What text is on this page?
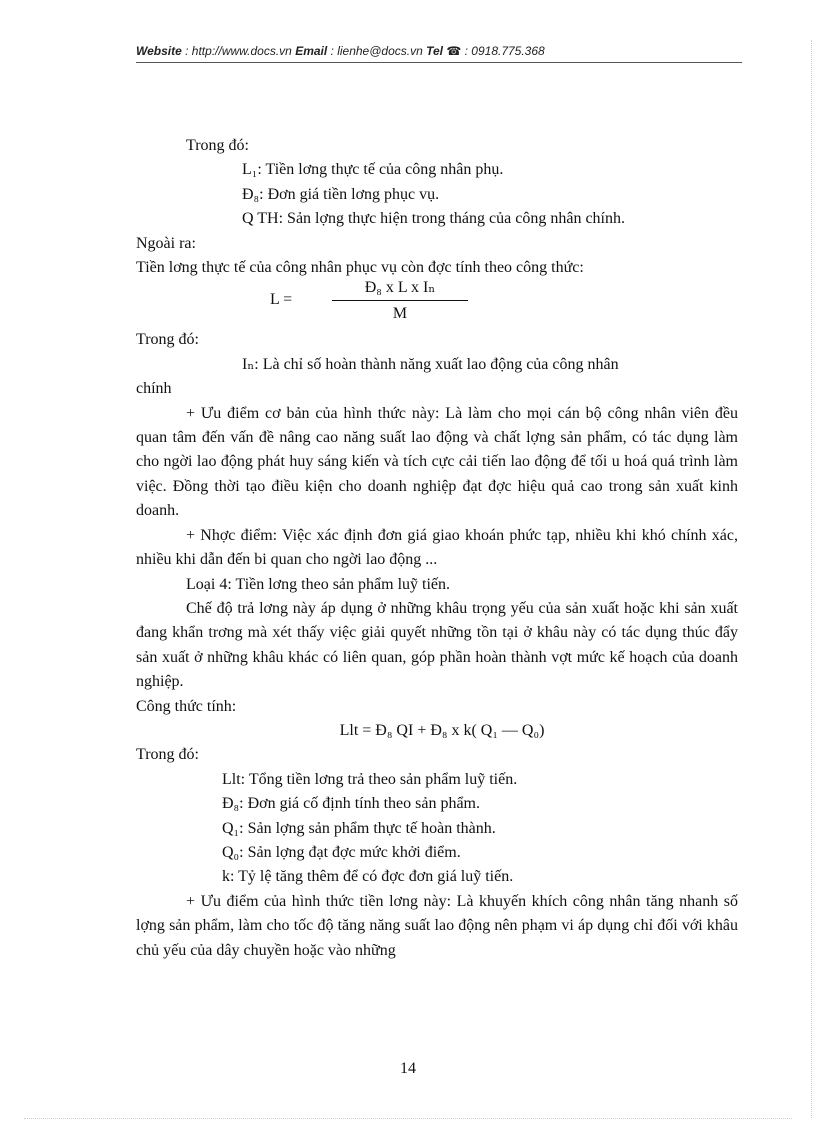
Website : http://www.docs.vn Email : lienhe@docs.vn Tel ☎ : 0918.775.368

Trong đó:

L₁: Tiền lơng thực tế của công nhân phụ.

Đ₈: Đơn giá tiền lơng phục vụ.

Q TH: Sản lợng thực hiện trong tháng của công nhân chính.

Ngoài ra:

Tiền lơng thực tế của công nhân phục vụ còn đợc tính theo công thức:

L =
Đ₈ x L x Iₙ
M

Trong đó:

Iₙ: Là chỉ số hoàn thành năng xuất lao động của công nhân

chính

+ Ưu điểm cơ bản của hình thức này: Là làm cho mọi cán bộ công nhân viên đều quan tâm đến vấn đề nâng cao năng suất lao động và chất lợng sản phẩm, có tác dụng làm cho ngời lao động phát huy sáng kiến và tích cực cải tiến lao động để tối u hoá quá trình làm việc. Đồng thời tạo điều kiện cho doanh nghiệp đạt đợc hiệu quả cao trong sản xuất kinh doanh.

+ Nhợc điểm: Việc xác định đơn giá giao khoán phức tạp, nhiều khi khó chính xác, nhiều khi dẫn đến bi quan cho ngời lao động ...

Loại 4: Tiền lơng theo sản phẩm luỹ tiến.

Chế độ trả lơng này áp dụng ở những khâu trọng yếu của sản xuất hoặc khi sản xuất đang khẩn trơng mà xét thấy việc giải quyết những tồn tại ở khâu này có tác dụng thúc đẩy sản xuất ở những khâu khác có liên quan, góp phần hoàn thành vợt mức kế hoạch của doanh nghiệp.

Công thức tính:

Llt = Đ₈ QI + Đ₈ x k( Q₁ — Q₀)

Trong đó:

Llt: Tổng tiền lơng trả theo sản phẩm luỹ tiến.

Đ₈: Đơn giá cố định tính theo sản phẩm.

Q₁: Sản lợng sản phẩm thực tế hoàn thành.

Q₀: Sản lợng đạt đợc mức khởi điểm.

k: Tỷ lệ tăng thêm để có đợc đơn giá luỹ tiến.

+ Ưu điểm của hình thức tiền lơng này: Là khuyến khích công nhân tăng nhanh số lợng sản phẩm, làm cho tốc độ tăng năng suất lao động nên phạm vi áp dụng chỉ đối với khâu chủ yếu của dây chuyền hoặc vào những

14
